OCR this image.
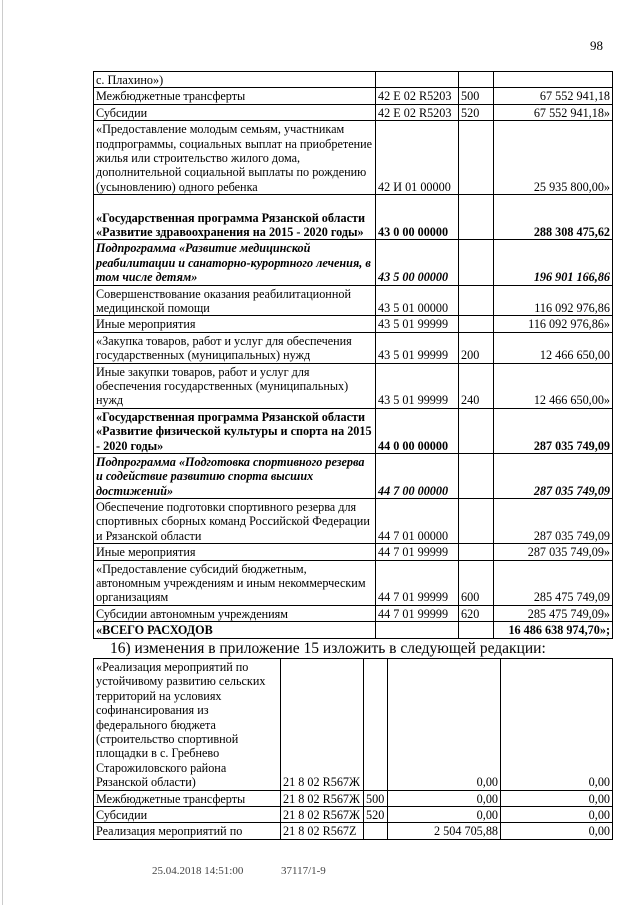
98
с. Плахино»)			
Межбюджетные трансферты	42 Е 02 R5203	500	67 552 941,18
Субсидии	42 Е 02 R5203	520	67 552 941,18»
«Предоставление молодым семьям, участникам подпрограммы, социальных выплат на приобретение жилья или строительство жилого дома, дополнительной социальной выплаты по рождению (усыновлению) одного ребенка	42 И 01 00000		25 935 800,00»
«Государственная программа Рязанской области «Развитие здравоохранения на 2015 - 2020 годы»	43 0 00 00000		288 308 475,62
Подпрограмма «Развитие медицинской реабилитации и санаторно-курортного лечения, в том числе детям»	43 5 00 00000		196 901 166,86
Совершенствование оказания реабилитационной медицинской помощи	43 5 01 00000		116 092 976,86
Иные мероприятия	43 5 01 99999		116 092 976,86»
«Закупка товаров, работ и услуг для обеспечения государственных (муниципальных) нужд	43 5 01 99999	200	12 466 650,00
Иные закупки товаров, работ и услуг для обеспечения государственных (муниципальных) нужд	43 5 01 99999	240	12 466 650,00»
«Государственная программа Рязанской области «Развитие физической культуры и спорта на 2015 - 2020 годы»	44 0 00 00000		287 035 749,09
Подпрограмма «Подготовка спортивного резерва и содействие развитию спорта высших достижений»	44 7 00 00000		287 035 749,09
Обеспечение подготовки спортивного резерва для спортивных сборных команд Российской Федерации и Рязанской области	44 7 01 00000		287 035 749,09
Иные мероприятия	44 7 01 99999		287 035 749,09»
«Предоставление субсидий бюджетным, автономным учреждениям и иным некоммерческим организациям	44 7 01 99999	600	285 475 749,09
Субсидии автономным учреждениям	44 7 01 99999	620	285 475 749,09»
«ВСЕГО РАСХОДОВ			16 486 638 974,70»;
16) изменения в приложение 15 изложить в следующей редакции:
«Реализация мероприятий по устойчивому развитию сельских территорий на условиях софинансирования из федерального бюджета (строительство спортивной площадки в с. Гребнево Старожиловского района Рязанской области)	21 8 02 R567Ж		0,00	0,00
Межбюджетные трансферты	21 8 02 R567Ж	500	0,00	0,00
Субсидии	21 8 02 R567Ж	520	0,00	0,00
Реализация мероприятий по	21 8 02 R567Z		2 504 705,88	0,00
25.04.2018 14:51:00	37117/1-9
